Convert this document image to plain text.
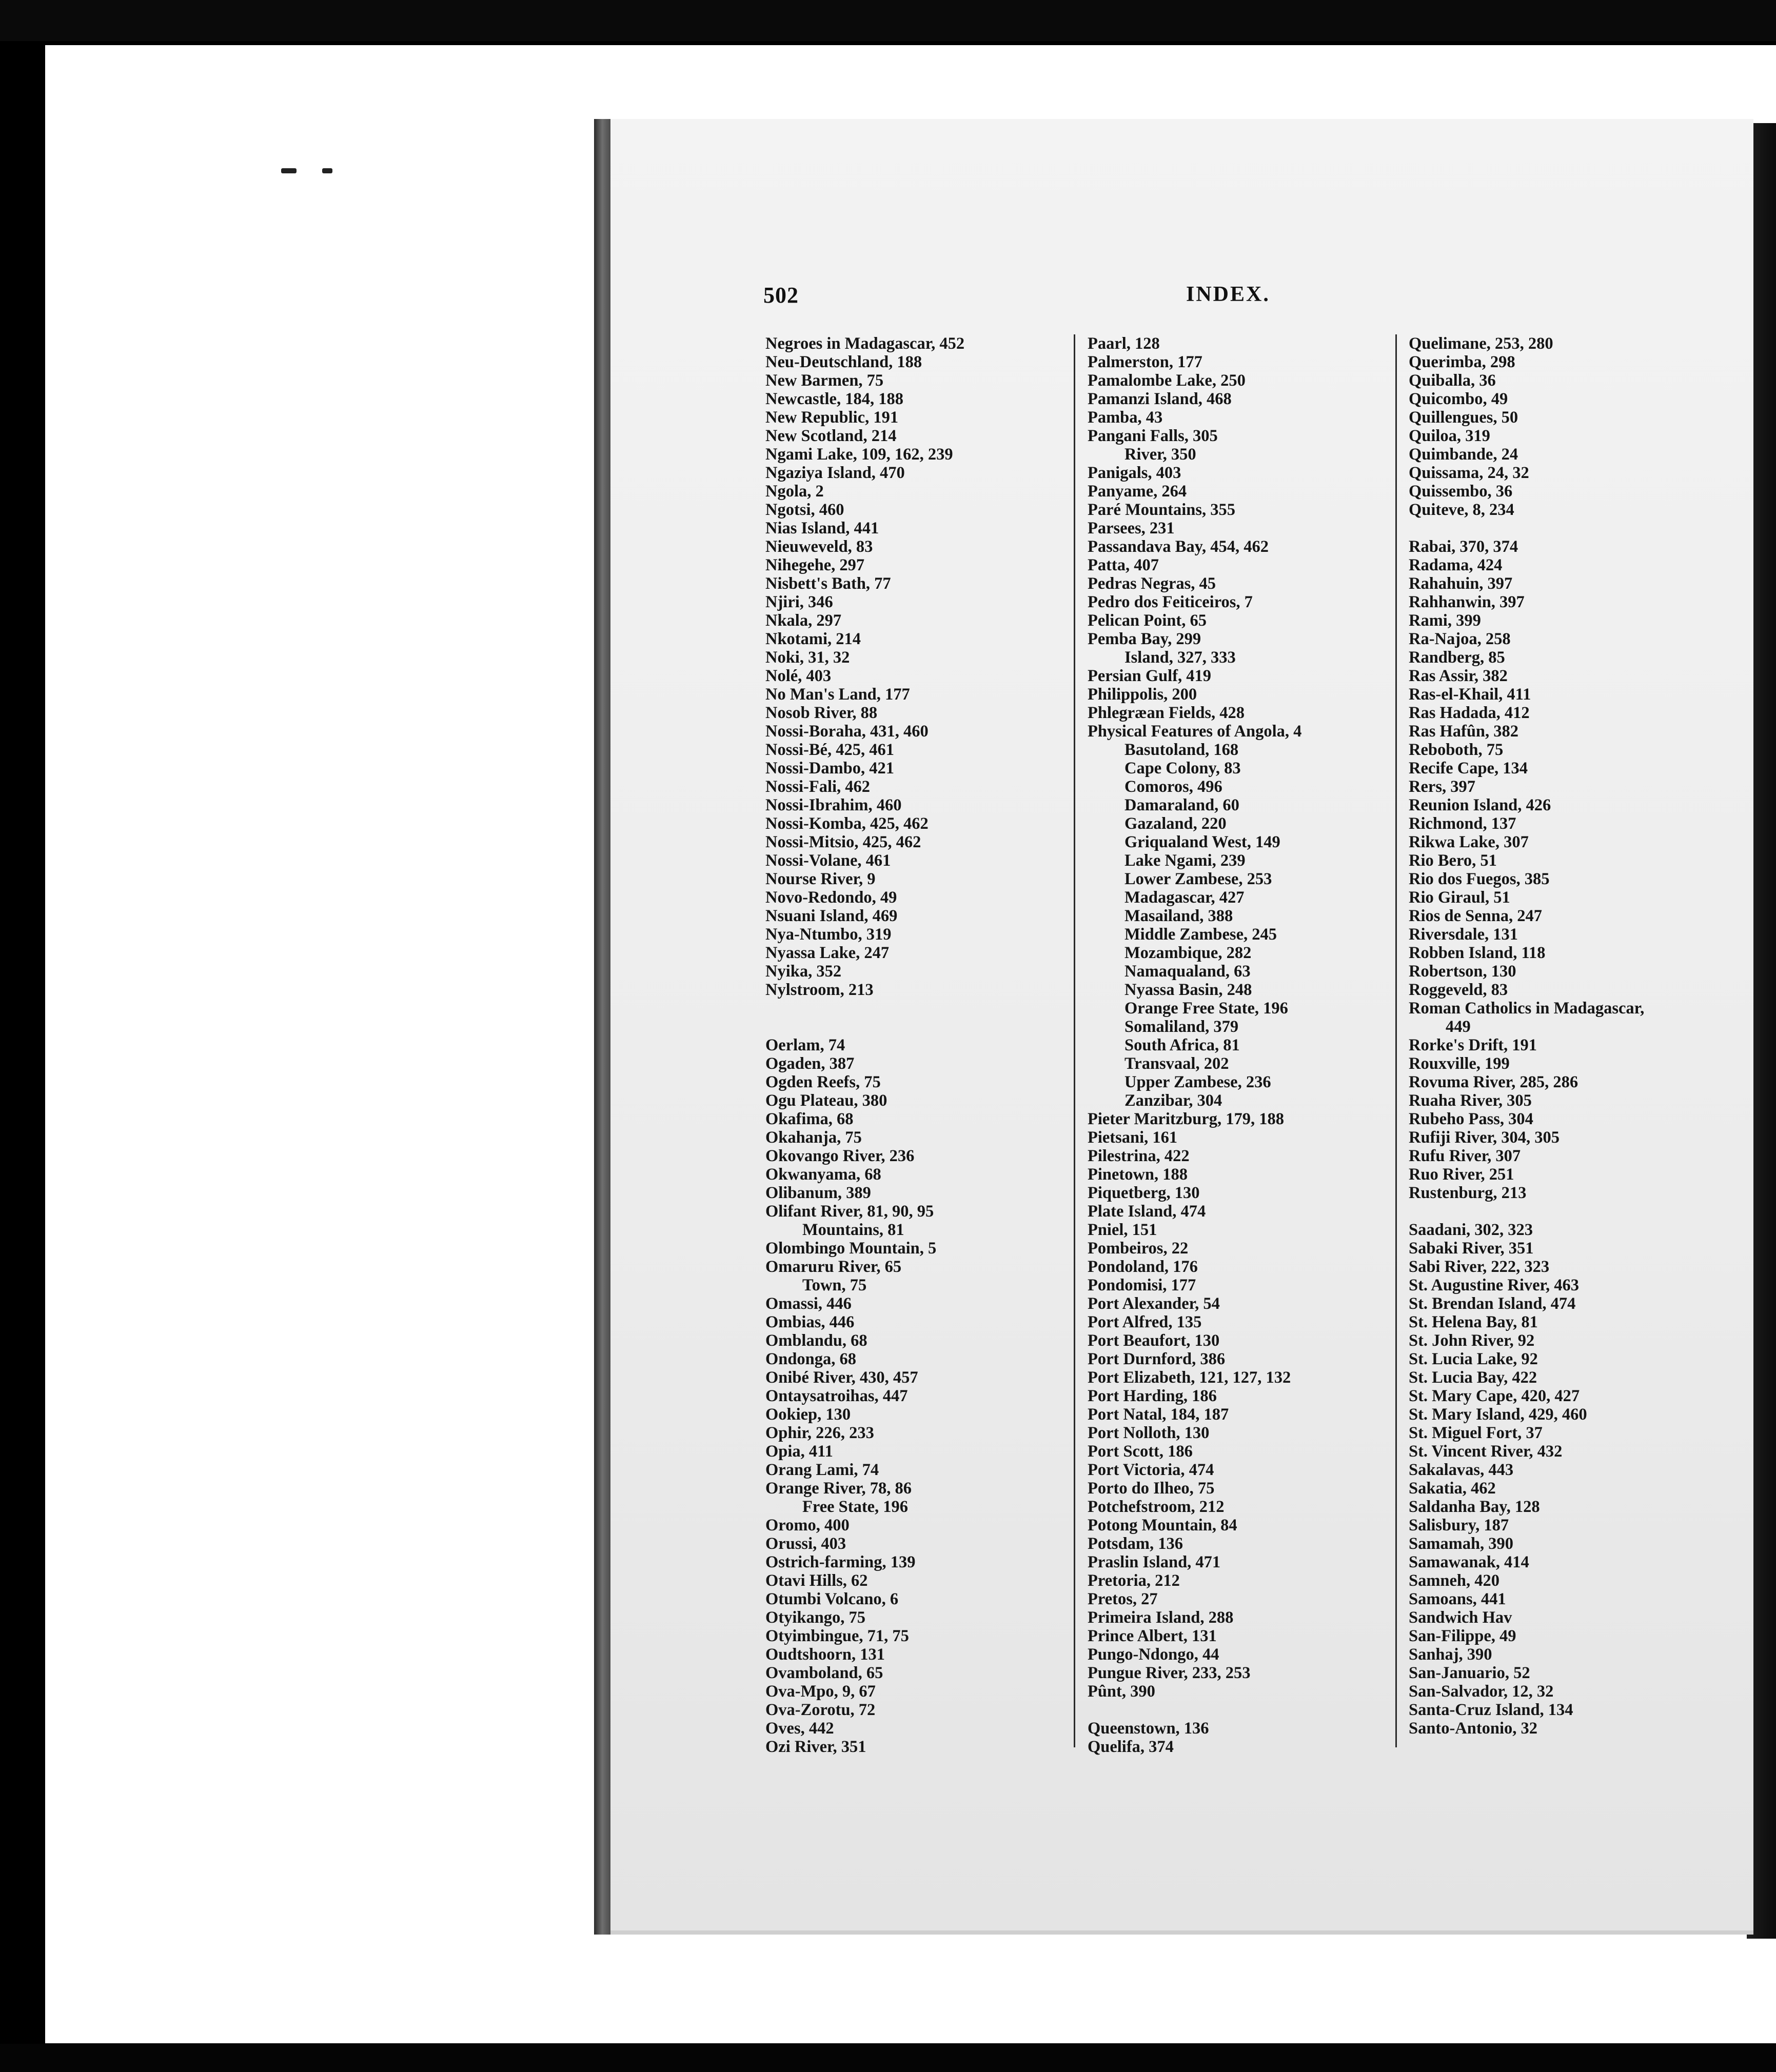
502	INDEX.
Negroes in Madagascar, 452
Neu-Deutschland, 188
New Barmen, 75
Newcastle, 184, 188
New Republic, 191
New Scotland, 214
Ngami Lake, 109, 162, 239
Ngaziya Island, 470
Ngola, 2
Ngotsi, 460
Nias Island, 441
Nieuweveld, 83
Nihegehe, 297
Nisbett's Bath, 77
Njiri, 346
Nkala, 297
Nkotami, 214
Noki, 31, 32
Nolé, 403
No Man's Land, 177
Nosob River, 88
Nossi-Boraha, 431, 460
Nossi-Bé, 425, 461
Nossi-Dambo, 421
Nossi-Fali, 462
Nossi-Ibrahim, 460
Nossi-Komba, 425, 462
Nossi-Mitsio, 425, 462
Nossi-Volane, 461
Nourse River, 9
Novo-Redondo, 49
Nsuani Island, 469
Nya-Ntumbo, 319
Nyassa Lake, 247
Nyika, 352
Nylstroom, 213
Oerlam, 74
Ogaden, 387
Ogden Reefs, 75
Ogu Plateau, 380
Okafima, 68
Okahanja, 75
Okovango River, 236
Okwanyama, 68
Olibanum, 389
Olifant River, 81, 90, 95
Mountains, 81
Olombingo Mountain, 5
Omaruru River, 65
Town, 75
Omassi, 446
Ombias, 446
Omblandu, 68
Ondonga, 68
Onibé River, 430, 457
Ontaysatroihas, 447
Ookiep, 130
Ophir, 226, 233
Opia, 411
Orang Lami, 74
Orange River, 78, 86
Free State, 196
Oromo, 400
Orussi, 403
Ostrich-farming, 139
Otavi Hills, 62
Otumbi Volcano, 6
Otyikango, 75
Otyimbingue, 71, 75
Oudtshoorn, 131
Ovamboland, 65
Ova-Mpo, 9, 67
Ova-Zorotu, 72
Oves, 442
Ozi River, 351
Paarl, 128
Palmerston, 177
Pamalombe Lake, 250
Pamanzi Island, 468
Pamba, 43
Pangani Falls, 305
River, 350
Panigals, 403
Panyame, 264
Paré Mountains, 355
Parsees, 231
Passandava Bay, 454, 462
Patta, 407
Pedras Negras, 45
Pedro dos Feiticeiros, 7
Pelican Point, 65
Pemba Bay, 299
Island, 327, 333
Persian Gulf, 419
Philippolis, 200
Phlegræan Fields, 428
Physical Features of Angola, 4
Basutoland, 168
Cape Colony, 83
Comoros, 496
Damaraland, 60
Gazaland, 220
Griqualand West, 149
Lake Ngami, 239
Lower Zambese, 253
Madagascar, 427
Masailand, 388
Middle Zambese, 245
Mozambique, 282
Namaqualand, 63
Nyassa Basin, 248
Orange Free State, 196
Somaliland, 379
South Africa, 81
Transvaal, 202
Upper Zambese, 236
Zanzibar, 304
Pieter Maritzburg, 179, 188
Pietsani, 161
Pilestrina, 422
Pinetown, 188
Piquetberg, 130
Plate Island, 474
Pniel, 151
Pombeiros, 22
Pondoland, 176
Pondomisi, 177
Port Alexander, 54
Port Alfred, 135
Port Beaufort, 130
Port Durnford, 386
Port Elizabeth, 121, 127, 132
Port Harding, 186
Port Natal, 184, 187
Port Nolloth, 130
Port Scott, 186
Port Victoria, 474
Porto do Ilheo, 75
Potchefstroom, 212
Potong Mountain, 84
Potsdam, 136
Praslin Island, 471
Pretoria, 212
Pretos, 27
Primeira Island, 288
Prince Albert, 131
Pungo-Ndongo, 44
Pungue River, 233, 253
Pûnt, 390
Queenstown, 136
Quelifa, 374
Quelimane, 253, 280
Querimba, 298
Quiballa, 36
Quicombo, 49
Quillengues, 50
Quiloa, 319
Quimbande, 24
Quissama, 24, 32
Quissembo, 36
Quiteve, 8, 234
Rabai, 370, 374
Radama, 424
Rahahuin, 397
Rahhanwin, 397
Rami, 399
Ra-Najoa, 258
Randberg, 85
Ras Assir, 382
Ras-el-Khail, 411
Ras Hadada, 412
Ras Hafûn, 382
Reboboth, 75
Recife Cape, 134
Rers, 397
Reunion Island, 426
Richmond, 137
Rikwa Lake, 307
Rio Bero, 51
Rio dos Fuegos, 385
Rio Giraul, 51
Rios de Senna, 247
Riversdale, 131
Robben Island, 118
Robertson, 130
Roggeveld, 83
Roman Catholics in Madagascar,
449
Rorke's Drift, 191
Rouxville, 199
Rovuma River, 285, 286
Ruaha River, 305
Rubeho Pass, 304
Rufiji River, 304, 305
Rufu River, 307
Ruo River, 251
Rustenburg, 213
Saadani, 302, 323
Sabaki River, 351
Sabi River, 222, 323
St. Augustine River, 463
St. Brendan Island, 474
St. Helena Bay, 81
St. John River, 92
St. Lucia Lake, 92
St. Lucia Bay, 422
St. Mary Cape, 420, 427
St. Mary Island, 429, 460
St. Miguel Fort, 37
St. Vincent River, 432
Sakalavas, 443
Sakatia, 462
Saldanha Bay, 128
Salisbury, 187
Samamah, 390
Samawanak, 414
Samneh, 420
Samoans, 441
Sandwich Hav
San-Filippe, 49
Sanhaj, 390
San-Januario, 52
San-Salvador, 12, 32
Santa-Cruz Island, 134
Santo-Antonio, 32
